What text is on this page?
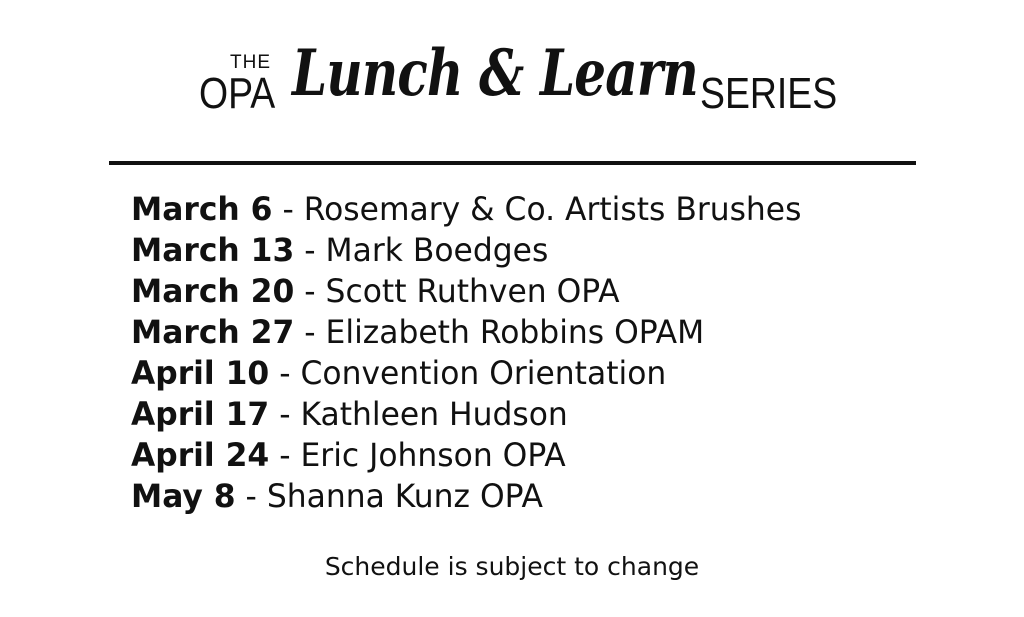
THE
OPA Lunch & Learn SERIES
March 6 - Rosemary & Co. Artists Brushes
March 13 - Mark Boedges
March 20 - Scott Ruthven OPA
March 27 - Elizabeth Robbins OPAM
April 10 - Convention Orientation
April 17 - Kathleen Hudson
April 24 - Eric Johnson OPA
May 8 - Shanna Kunz OPA
Schedule is subject to change
